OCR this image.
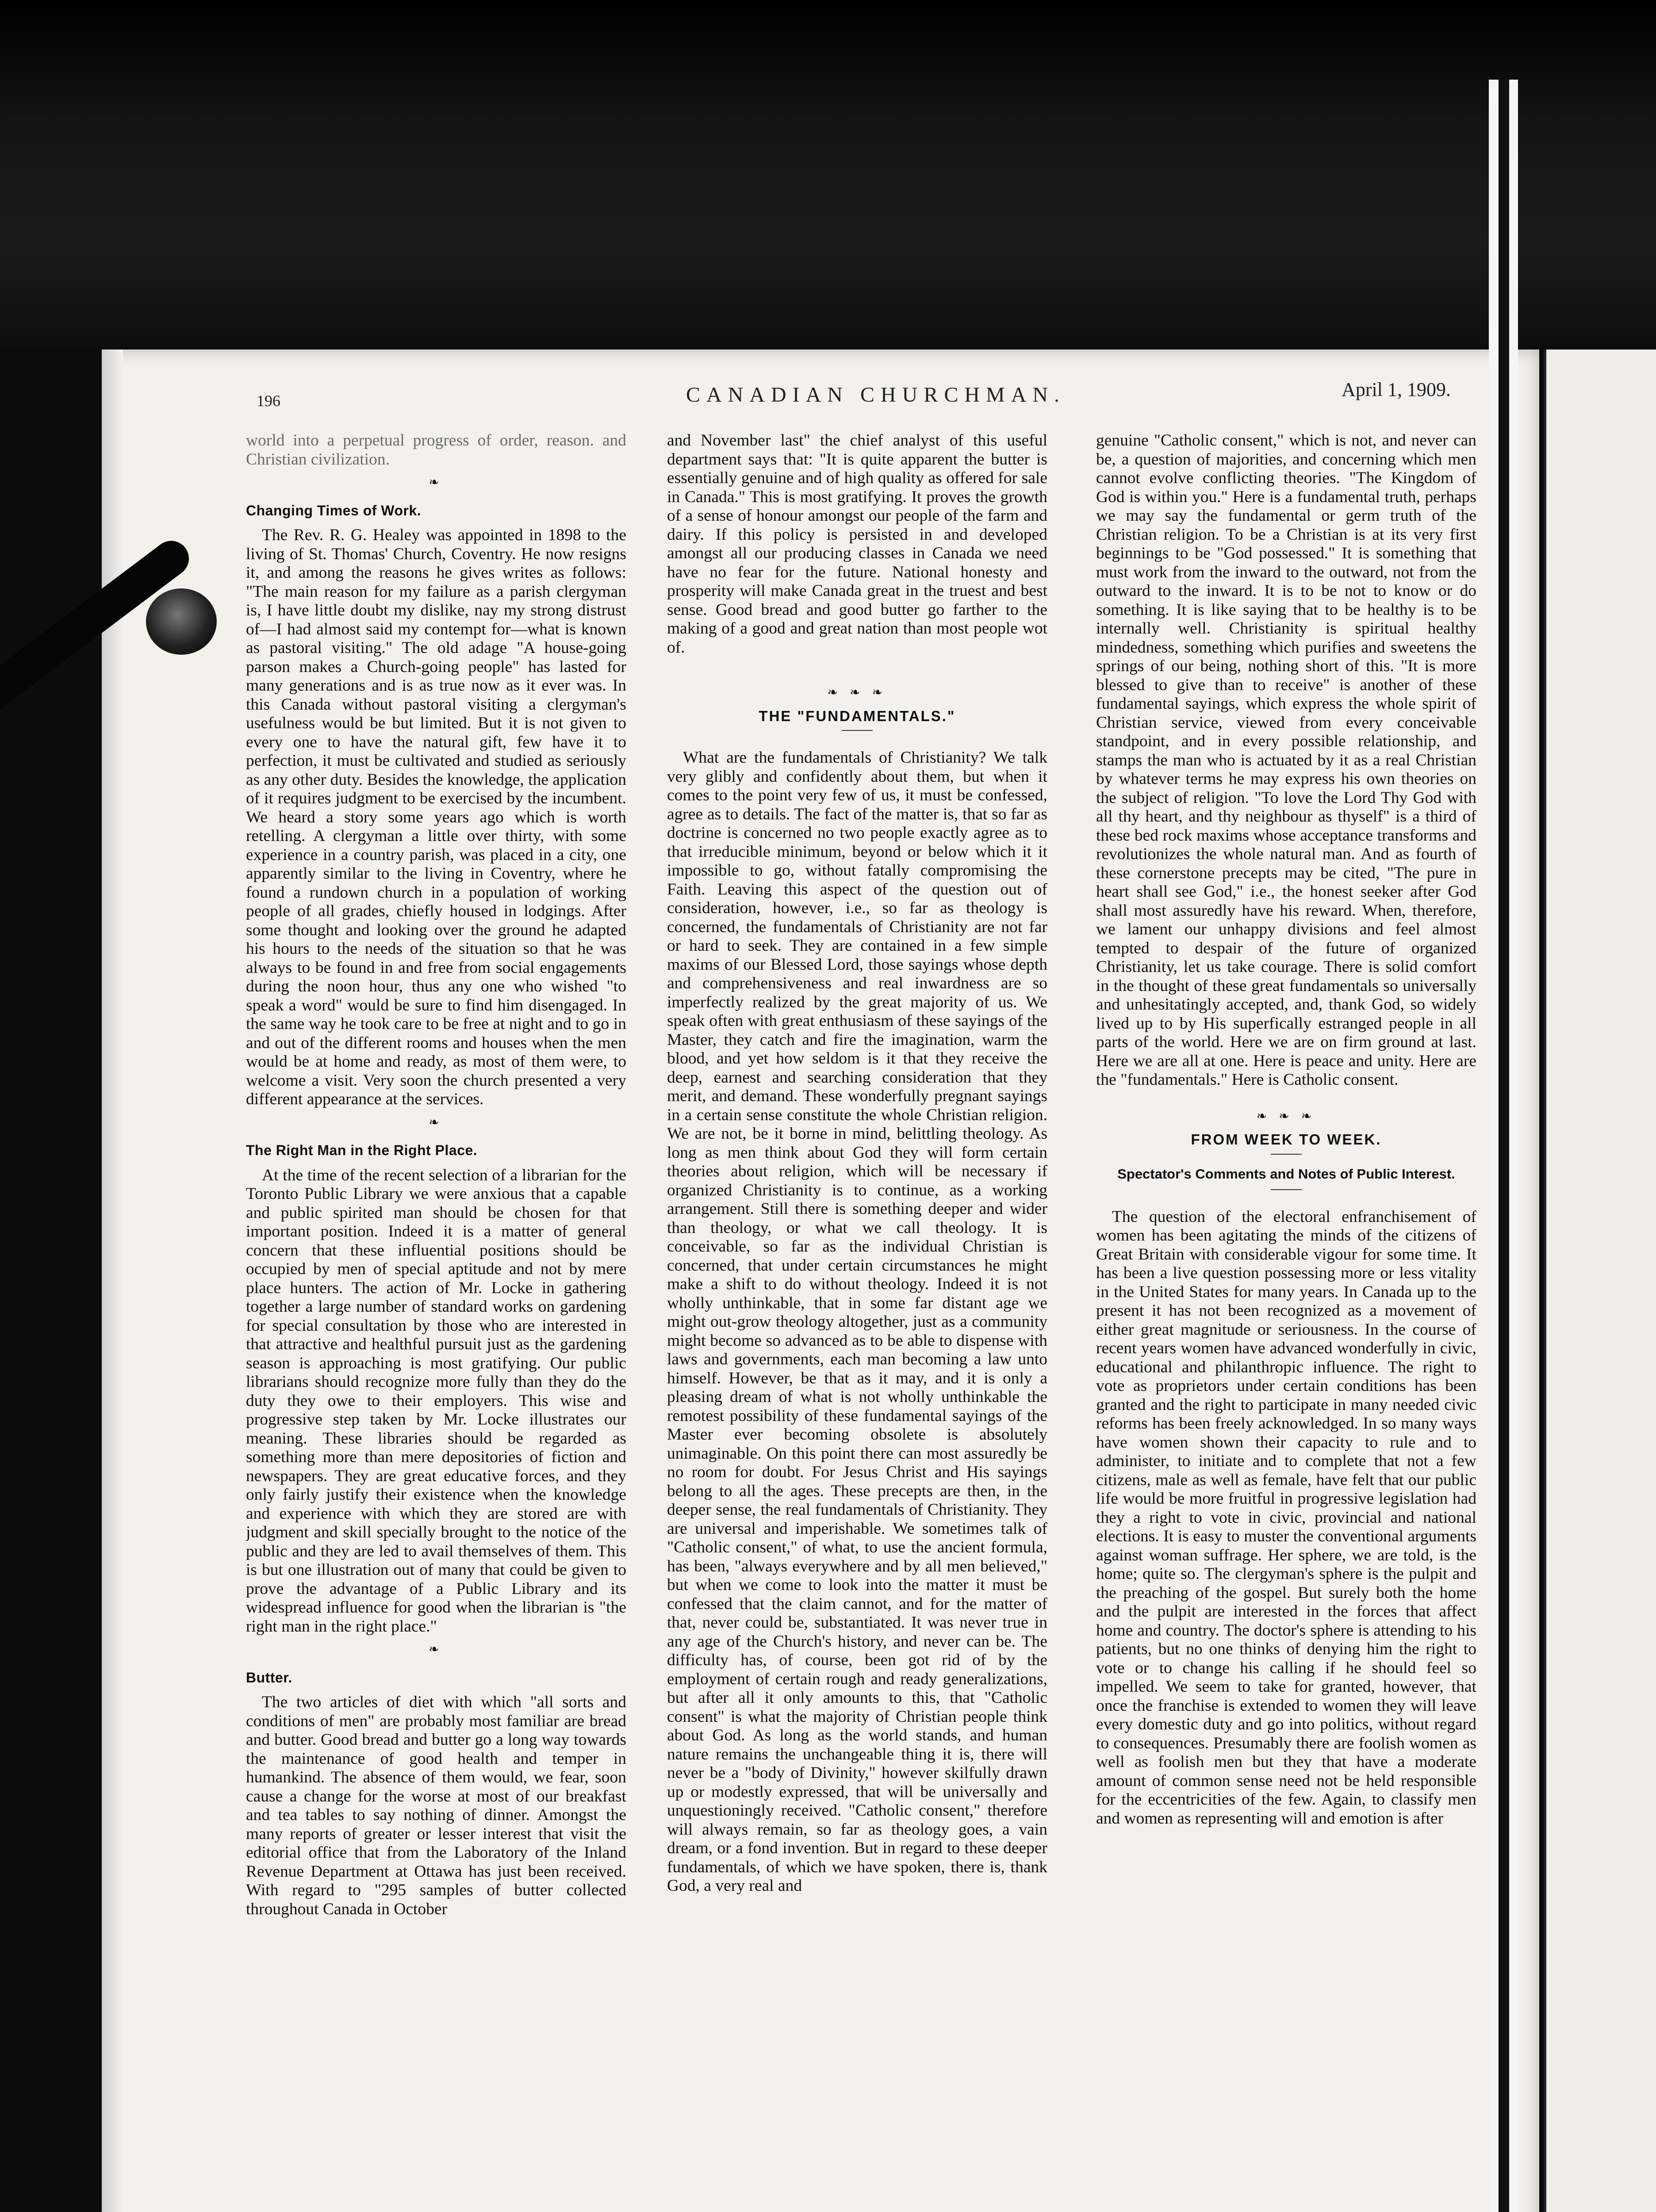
196	CANADIAN CHURCHMAN.	April 1, 1909.

world into a perpetual progress of order, reason. and Christian civilization.

❧
Changing Times of Work.

The Rev. R. G. Healey was appointed in 1898 to the living of St. Thomas' Church, Coventry. He now resigns it, and among the reasons he gives writes as follows: "The main reason for my failure as a parish clergyman is, I have little doubt my dislike, nay my strong distrust of—I had almost said my contempt for—what is known as pastoral visiting." The old adage "A house-going parson makes a Church-going people" has lasted for many generations and is as true now as it ever was. In this Canada without pastoral visiting a clergyman's usefulness would be but limited. But it is not given to every one to have the natural gift, few have it to perfection, it must be cultivated and studied as seriously as any other duty. Besides the knowledge, the application of it requires judgment to be exercised by the incumbent. We heard a story some years ago which is worth retelling. A clergyman a little over thirty, with some experience in a country parish, was placed in a city, one apparently similar to the living in Coventry, where he found a rundown church in a population of working people of all grades, chiefly housed in lodgings. After some thought and looking over the ground he adapted his hours to the needs of the situation so that he was always to be found in and free from social engagements during the noon hour, thus any one who wished "to speak a word" would be sure to find him disengaged. In the same way he took care to be free at night and to go in and out of the different rooms and houses when the men would be at home and ready, as most of them were, to welcome a visit. Very soon the church presented a very different appearance at the services.

❧
The Right Man in the Right Place.

At the time of the recent selection of a librarian for the Toronto Public Library we were anxious that a capable and public spirited man should be chosen for that important position. Indeed it is a matter of general concern that these influential positions should be occupied by men of special aptitude and not by mere place hunters. The action of Mr. Locke in gathering together a large number of standard works on gardening for special consultation by those who are interested in that attractive and healthful pursuit just as the gardening season is approaching is most gratifying. Our public librarians should recognize more fully than they do the duty they owe to their employers. This wise and progressive step taken by Mr. Locke illustrates our meaning. These libraries should be regarded as something more than mere depositories of fiction and newspapers. They are great educative forces, and they only fairly justify their existence when the knowledge and experience with which they are stored are with judgment and skill specially brought to the notice of the public and they are led to avail themselves of them. This is but one illustration out of many that could be given to prove the advantage of a Public Library and its widespread influence for good when the librarian is "the right man in the right place."

❧
Butter.

The two articles of diet with which "all sorts and conditions of men" are probably most familiar are bread and butter. Good bread and butter go a long way towards the maintenance of good health and temper in humankind. The absence of them would, we fear, soon cause a change for the worse at most of our breakfast and tea tables to say nothing of dinner. Amongst the many reports of greater or lesser interest that visit the editorial office that from the Laboratory of the Inland Revenue Department at Ottawa has just been received. With regard to "295 samples of butter collected throughout Canada in October

and November last" the chief analyst of this useful department says that: "It is quite apparent the butter is essentially genuine and of high quality as offered for sale in Canada." This is most gratifying. It proves the growth of a sense of honour amongst our people of the farm and dairy. If this policy is persisted in and developed amongst all our producing classes in Canada we need have no fear for the future. National honesty and prosperity will make Canada great in the truest and best sense. Good bread and good butter go farther to the making of a good and great nation than most people wot of.

❧ ❧ ❧
THE "FUNDAMENTALS."

What are the fundamentals of Christianity? We talk very glibly and confidently about them, but when it comes to the point very few of us, it must be confessed, agree as to details. The fact of the matter is, that so far as doctrine is concerned no two people exactly agree as to that irreducible minimum, beyond or below which it it impossible to go, without fatally compromising the Faith. Leaving this aspect of the question out of consideration, however, i.e., so far as theology is concerned, the fundamentals of Christianity are not far or hard to seek. They are contained in a few simple maxims of our Blessed Lord, those sayings whose depth and comprehensiveness and real inwardness are so imperfectly realized by the great majority of us. We speak often with great enthusiasm of these sayings of the Master, they catch and fire the imagination, warm the blood, and yet how seldom is it that they receive the deep, earnest and searching consideration that they merit, and demand. These wonderfully pregnant sayings in a certain sense constitute the whole Christian religion. We are not, be it borne in mind, belittling theology. As long as men think about God they will form certain theories about religion, which will be necessary if organized Christianity is to continue, as a working arrangement. Still there is something deeper and wider than theology, or what we call theology. It is conceivable, so far as the individual Christian is concerned, that under certain circumstances he might make a shift to do without theology. Indeed it is not wholly unthinkable, that in some far distant age we might out-grow theology altogether, just as a community might become so advanced as to be able to dispense with laws and governments, each man becoming a law unto himself. However, be that as it may, and it is only a pleasing dream of what is not wholly unthinkable the remotest possibility of these fundamental sayings of the Master ever becoming obsolete is absolutely unimaginable. On this point there can most assuredly be no room for doubt. For Jesus Christ and His sayings belong to all the ages. These precepts are then, in the deeper sense, the real fundamentals of Christianity. They are universal and imperishable. We sometimes talk of "Catholic consent," of what, to use the ancient formula, has been, "always everywhere and by all men believed," but when we come to look into the matter it must be confessed that the claim cannot, and for the matter of that, never could be, substantiated. It was never true in any age of the Church's history, and never can be. The difficulty has, of course, been got rid of by the employment of certain rough and ready generalizations, but after all it only amounts to this, that "Catholic consent" is what the majority of Christian people think about God. As long as the world stands, and human nature remains the unchangeable thing it is, there will never be a "body of Divinity," however skilfully drawn up or modestly expressed, that will be universally and unquestioningly received. "Catholic consent," therefore will always remain, so far as theology goes, a vain dream, or a fond invention. But in regard to these deeper fundamentals, of which we have spoken, there is, thank God, a very real and

genuine "Catholic consent," which is not, and never can be, a question of majorities, and concerning which men cannot evolve conflicting theories. "The Kingdom of God is within you." Here is a fundamental truth, perhaps we may say the fundamental or germ truth of the Christian religion. To be a Christian is at its very first beginnings to be "God possessed." It is something that must work from the inward to the outward, not from the outward to the inward. It is to be not to know or do something. It is like saying that to be healthy is to be internally well. Christianity is spiritual healthy mindedness, something which purifies and sweetens the springs of our being, nothing short of this. "It is more blessed to give than to receive" is another of these fundamental sayings, which express the whole spirit of Christian service, viewed from every conceivable standpoint, and in every possible relationship, and stamps the man who is actuated by it as a real Christian by whatever terms he may express his own theories on the subject of religion. "To love the Lord Thy God with all thy heart, and thy neighbour as thyself" is a third of these bed rock maxims whose acceptance transforms and revolutionizes the whole natural man. And as fourth of these cornerstone precepts may be cited, "The pure in heart shall see God," i.e., the honest seeker after God shall most assuredly have his reward. When, therefore, we lament our unhappy divisions and feel almost tempted to despair of the future of organized Christianity, let us take courage. There is solid comfort in the thought of these great fundamentals so universally and unhesitatingly accepted, and, thank God, so widely lived up to by His superfically estranged people in all parts of the world. Here we are on firm ground at last. Here we are all at one. Here is peace and unity. Here are the "fundamentals." Here is Catholic consent.

❧ ❧ ❧
FROM WEEK TO WEEK.
Spectator's Comments and Notes of Public Interest.

The question of the electoral enfranchisement of women has been agitating the minds of the citizens of Great Britain with considerable vigour for some time. It has been a live question possessing more or less vitality in the United States for many years. In Canada up to the present it has not been recognized as a movement of either great magnitude or seriousness. In the course of recent years women have advanced wonderfully in civic, educational and philanthropic influence. The right to vote as proprietors under certain conditions has been granted and the right to participate in many needed civic reforms has been freely acknowledged. In so many ways have women shown their capacity to rule and to administer, to initiate and to complete that not a few citizens, male as well as female, have felt that our public life would be more fruitful in progressive legislation had they a right to vote in civic, provincial and national elections. It is easy to muster the conventional arguments against woman suffrage. Her sphere, we are told, is the home; quite so. The clergyman's sphere is the pulpit and the preaching of the gospel. But surely both the home and the pulpit are interested in the forces that affect home and country. The doctor's sphere is attending to his patients, but no one thinks of denying him the right to vote or to change his calling if he should feel so impelled. We seem to take for granted, however, that once the franchise is extended to women they will leave every domestic duty and go into politics, without regard to consequences. Presumably there are foolish women as well as foolish men but they that have a moderate amount of common sense need not be held responsible for the eccentricities of the few. Again, to classify men and women as representing will and emotion is after
